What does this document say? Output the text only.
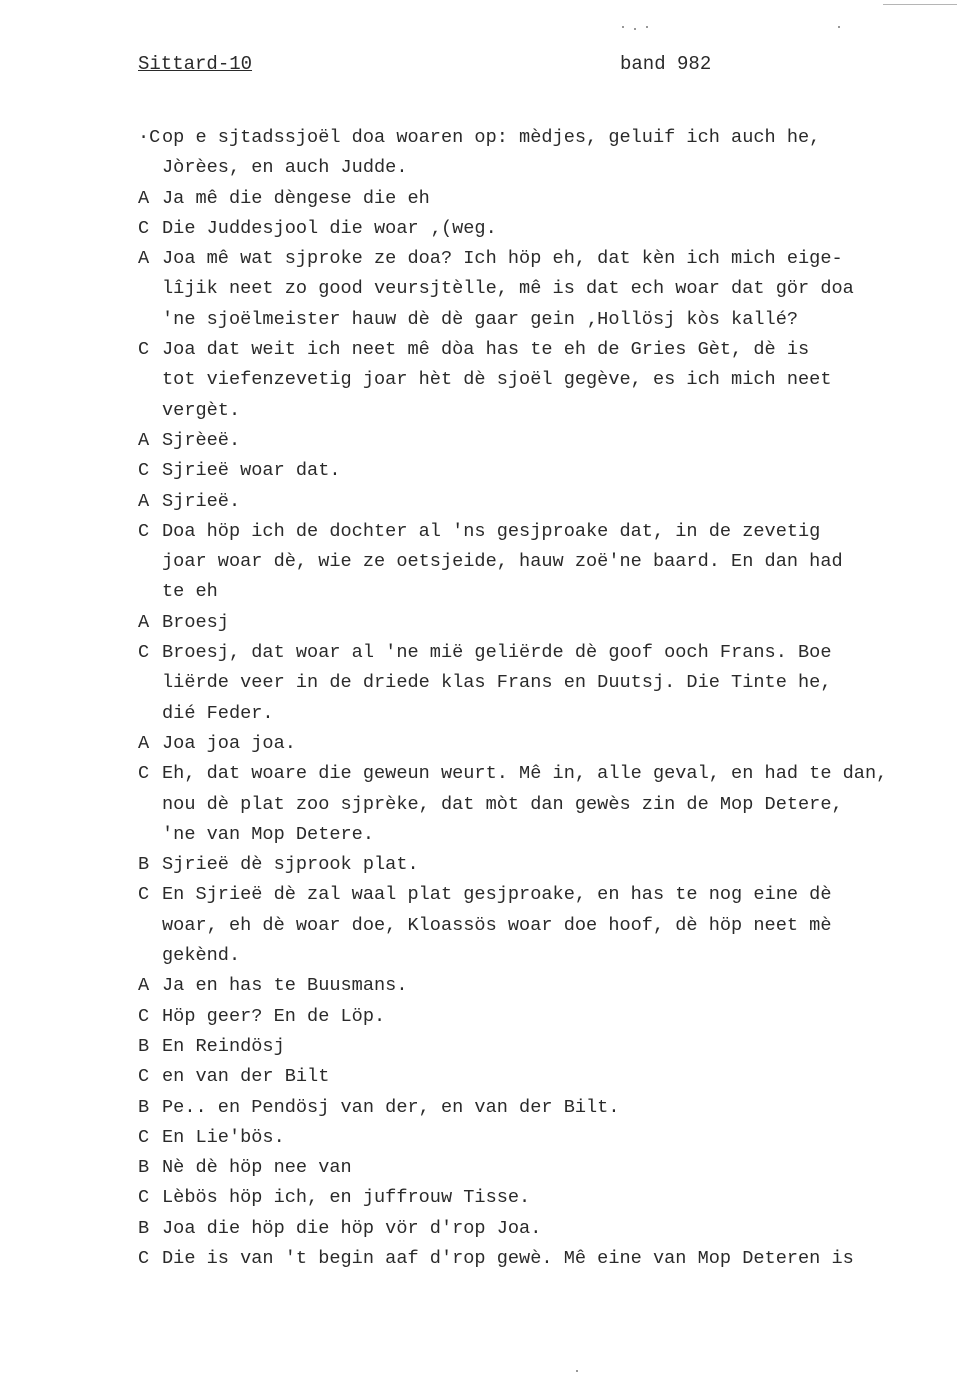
Sittard-10	band 982
·C op e sjtadssjoël doa woaren op: mèdjes, geluif ich auch he,
Jòrèes, en auch Judde.
A Ja mê die dèngese die eh
C Die Juddesjool die woar ‚(weg.
A Joa mê wat sjproke ze doa? Ich höp eh, dat kèn ich mich eige-
lîjik neet zo good veursjtèlle, mê is dat ech woar dat gör doa
'ne sjoëlmeister hauw dè dè gaar gein ‚Hollösj kòs kallé?
C Joa dat weit ich neet mê dòa has te eh de Gries Gèt, dè is
tot viefenzevetig joar hèt dè sjoël gegève, es ich mich neet
vergèt.
A Sjrèeë.
C Sjrieë woar dat.
A Sjrieë.
C Doa höp ich de dochter al 'ns gesjproake dat, in de zevetig
joar woar dè, wie ze oetsjeide, hauw zoë'ne baard. En dan had
te eh
A Broesj
C Broesj, dat woar al 'ne mië geliërde dè goof ooch Frans. Boe
liërde veer in de driede klas Frans en Duutsj. Die Tinte he,
dié Feder.
A Joa joa joa.
C Eh, dat woare die geweun weurt. Mê in, alle geval, en had te dan,
nou dè plat zoo sjprèke, dat mòt dan gewès zin de Mop Detere,
'ne van Mop Detere.
B Sjrieë dè sjprook plat.
C En Sjrieë dè zal waal plat gesjproake, en has te nog eine dè
woar, eh dè woar doe, Kloassös woar doe hoof, dè höp neet mè
gekènd.
A Ja en has te Buusmans.
C Höp geer? En de Löp.
B En Reindösj
C en van der Bilt
B Pe.. en Pendösj van der, en van der Bilt.
C En Lie'bös.
B Nè dè höp nee van
C Lèbös höp ich, en juffrouw Tisse.
B Joa die höp die höp vör d'rop Joa.
C Die is van 't begin aaf d'rop gewè. Mê eine van Mop Deteren is
